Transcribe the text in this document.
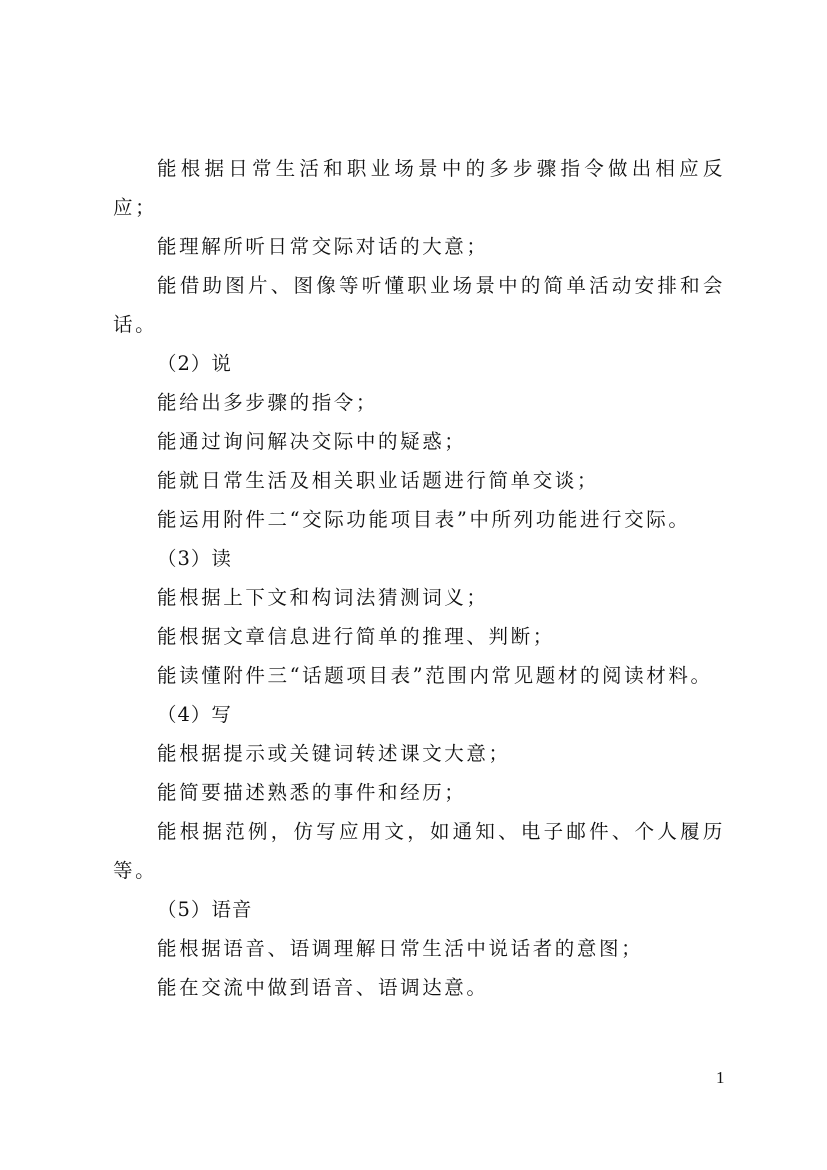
能根据日常生活和职业场景中的多步骤指令做出相应反应；

能理解所听日常交际对话的大意；

能借助图片、图像等听懂职业场景中的简单活动安排和会话。

（2）说

能给出多步骤的指令；

能通过询问解决交际中的疑惑；

能就日常生活及相关职业话题进行简单交谈；

能运用附件二“交际功能项目表”中所列功能进行交际。

（3）读

能根据上下文和构词法猜测词义；

能根据文章信息进行简单的推理、判断；

能读懂附件三“话题项目表”范围内常见题材的阅读材料。

（4）写

能根据提示或关键词转述课文大意；

能简要描述熟悉的事件和经历；

能根据范例，仿写应用文，如通知、电子邮件、个人履历等。

（5）语音

能根据语音、语调理解日常生活中说话者的意图；

能在交流中做到语音、语调达意。

1
